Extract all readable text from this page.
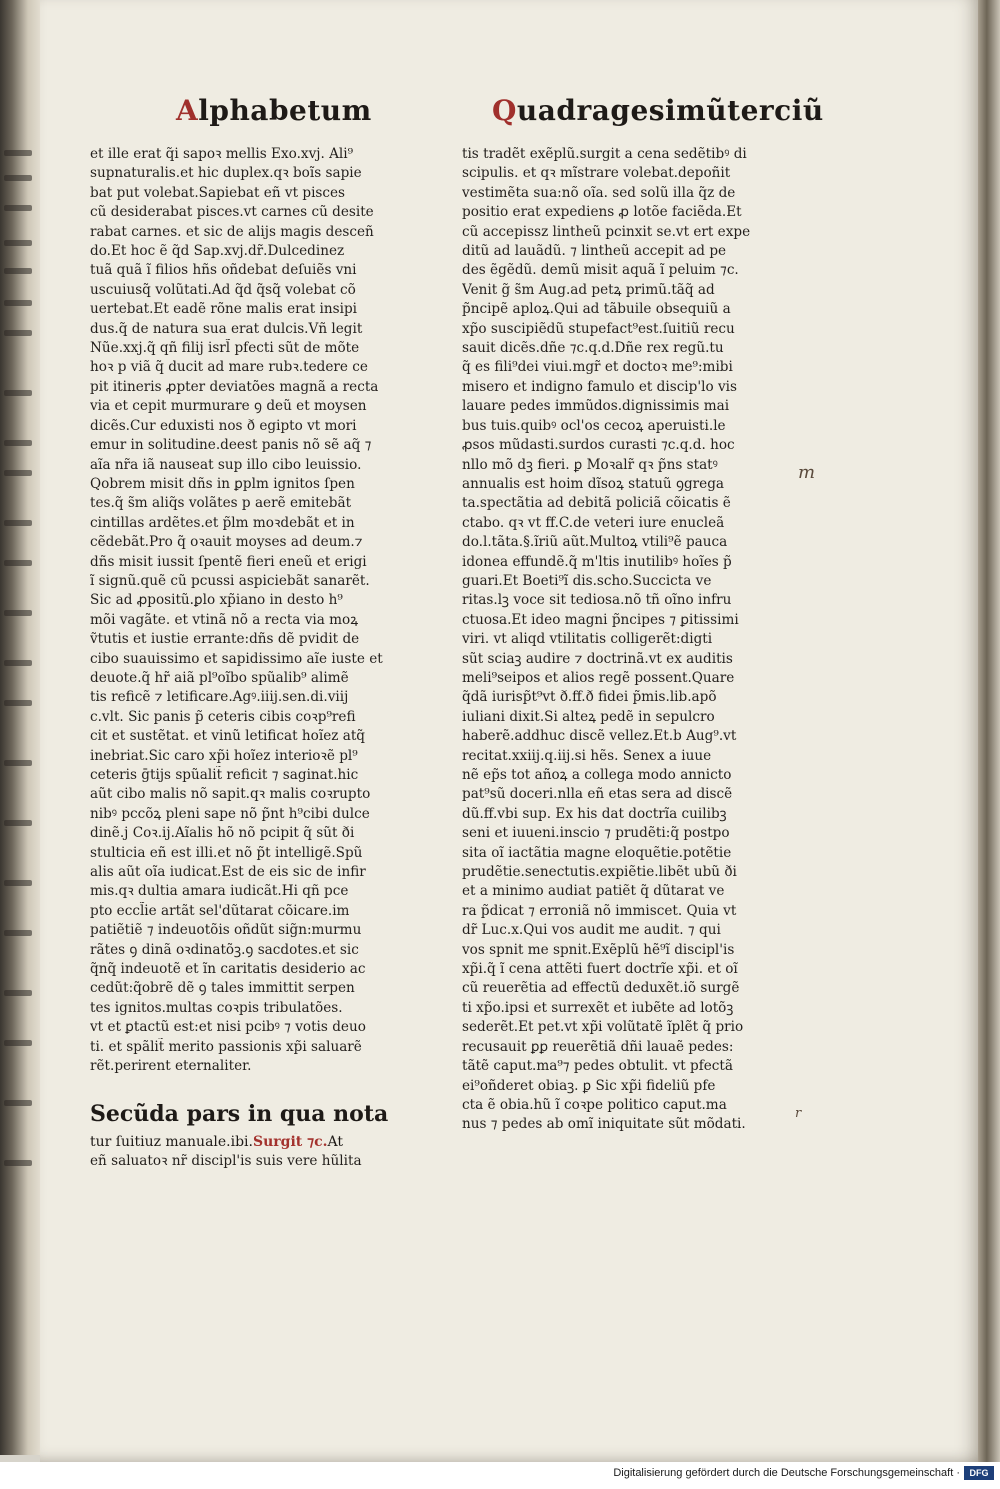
Alphabetum	Quadragesimũterciũ
et ille erat q̃i sapoꝛ mellis Exo.xvj. Ali⁹
supnaturalis.et hic duplex.qꝛ boĩs sapie
bat put volebat.Sapiebat eñ vt pisces
cũ desiderabat pisces.vt carnes cũ desite
rabat carnes. et sic de alijs magis desceñ
do.Et hoc ẽ q̃d Sap.xvj.dr̃.Dulcedinez
tuã quã ĩ filios hñs oñdebat deſuiẽs vni
uscuiusq̃ volũtati.Ad q̃d q̃sq̃ volebat cõ
uertebat.Et eadẽ rõne malis erat insipi
dus.q̃ de natura sua erat dulcis.Vñ legit
Nũe.xxj.q̃ qñ filij isrl̃ pfecti sũt de mõte
hoꝛ p viã q̃ ducit ad mare rubꝛ.tedere ce
pit itineris ꝓpter deviatões magnã a recta
via et cepit murmurare ꝯ deũ et moysen
dicẽs.Cur eduxisti nos ð egipto vt mori
emur in solitudine.deest panis nõ sẽ aq̃ ⁊
aĩa nr̃a iã nauseat sup illo cibo leuissio.
Qobrem misit dñs in ꝑplm ignitos ſpen
tes.q̃ s̃m aliq̃s volãtes p aerẽ emitebãt
cintillas ardẽtes.et p̃lm moꝛdebãt et in
cẽdebãt.Pro q̃ oꝛauit moyses ad deum.⁊
dñs misit iussit ſpentẽ fieri eneũ et erigi
ĩ signũ.quẽ cũ pcussi aspiciebãt sanarẽt.
Sic ad ꝓpositũ.ꝑlo xp̃iano in desto h⁹
mõi vagãte. et vtinã nõ a recta via moꝝ
ṽtutis et iustie errante:dñs dẽ pvidit de
cibo suauissimo et sapidissimo aĩe iuste et
deuote.q̃ hr̃ aiã pl⁹oĩbo spũalib⁹ alimẽ
tis reficẽ ⁊ letificare.Agꝰ.iiij.sen.di.viij
c.vlt. Sic panis p̃ ceteris cibis coꝛp⁹refi
cit et sustẽtat. et vinũ letificat hoĩez atq̃
inebriat.Sic caro xp̃i hoĩez interioꝛẽ pl⁹
ceteris ḡtijs spũalit̃ reficit ⁊ saginat.hic
aũt cibo malis nõ sapit.qꝛ malis coꝛrupto
nibꝰ pccõꝝ pleni sape nõ p̃nt h⁹cibi dulce
dinẽ.j Coꝛ.ij.Aĩalis hõ nõ pcipit q̃ sũt ði
stulticia eñ est illi.et nõ p̃t intelligẽ.Spũ
alis aũt oĩa iudicat.Est de eis sic de infir
mis.qꝛ dultia amara iudicãt.Hi qñ pce
pto eccl̃ie artãt sel'dũtarat cõicare.im
patiẽtiẽ ⁊ indeuotõis oñdũt sig̃n:murmu
rãtes ꝯ dinã oꝛdinatõꝫ.ꝯ sacdotes.et sic
q̃nq̃ indeuotẽ et ĩn caritatis desiderio ac
cedũt:q̃obrẽ dẽ ꝯ tales immittit serpen
tes ignitos.multas coꝛpis tribulatões.
vt et ꝑtactũ est:et nisi pcibꝰ ⁊ votis deuo
ti. et spãlit̃ merito passionis xp̃i saluarẽ
rẽt.perirent eternaliter.
tis tradẽt exẽplũ.surgit a cena sedẽtibꝰ di
scipulis. et qꝛ mĩstrare volebat.depoñit
vestimẽta sua:nõ oĩa. sed solũ illa q̃z de
positio erat expediens ꝓ lotõe faciẽda.Et
cũ accepissz lintheũ pcinxit se.vt ert expe
ditũ ad lauãdũ. ⁊ lintheũ accepit ad pe
des ẽgẽdũ. demũ misit aquã ĩ peluim ⁊c.
Venit g̃ s̃m Aug.ad petꝝ primũ.tãq̃ ad
p̃ncipẽ aploꝝ.Qui ad tãbuile obsequiũ a
xp̃o suscipiẽdũ stupefact⁹est.ſuitiũ recu
sauit dicẽs.dñe ⁊c.q.d.Dñe rex regũ.tu
q̃ es fili⁹dei viui.mgr̃ et doctoꝛ me⁹:mibi
misero et indigno famulo et discip'lo vis
lauare pedes immũdos.dignissimis mai
bus tuis.quibꝰ ocl'os cecoꝝ aperuisti.le
ꝓsos mũdasti.surdos curasti ⁊c.q.d. hoc
nllo mõ dꝫ fieri. ꝑ Moꝛalr̃ qꝛ p̃ns statꝰ
annualis est hoim dĩsoꝝ statuũ ꝯgrega
ta.spectãtia ad debitã policiã cõicatis ẽ
ctabo. qꝛ vt ff.C.de veteri iure enucleã
do.l.tãta.§.ĩriũ aũt.Multoꝝ vtili⁹ẽ pauca
idonea effundẽ.q̃ m'ltis inutilibꝰ hoĩes p̃
guari.Et Boeti⁹ĩ dis.scho.Succicta ve
ritas.lꝫ voce sit tediosa.nõ tñ oĩno infru
ctuosa.Et ideo magni p̃ncipes ⁊ ꝑitissimi
viri. vt aliqd vtilitatis colligerẽt:digti
sũt sciaꝫ audire ⁊ doctrinã.vt ex auditis
meli⁹seipos et alios regẽ possent.Quare
q̃dã iurisp̃t⁹vt ð.ff.ð fidei p̃mis.lib.apõ
iuliani dixit.Si alteꝝ pedẽ in sepulcro
haberẽ.addhuc discẽ vellez.Et.b Aug⁹.vt
recitat.xxiij.q.iij.si hẽs. Senex a iuue
nẽ ep̃s tot añoꝝ a collega modo annicto
pat⁹sũ doceri.nlla eñ etas sera ad discẽ
dũ.ff.vbi sup. Ex his dat doctrĩa cuilibꝫ
seni et iuueni.inscio ⁊ prudẽti:q̃ postpo
sita oĩ iactãtia magne eloquẽtie.potẽtie
prudẽtie.senectutis.expiẽtie.libẽt ubũ ði
et a minimo audiat patiẽt q̃ dũtarat ve
ra p̃dicat ⁊ erroniã nõ immiscet. Quia vt
dr̃ Luc.x.Qui vos audit me audit. ⁊ qui
vos spnit me spnit.Exẽplũ hẽ⁹ĩ discipl'is
xp̃i.q̃ ĩ cena attẽti fuert doctrĩe xp̃i. et oĩ
cũ reuerẽtia ad effectũ deduxẽt.iõ surgẽ
ti xp̃o.ipsi et surrexẽt et iubẽte ad lotõꝫ
sederẽt.Et pet.vt xp̃i volũtatẽ ĩplẽt q̃ prio
recusauit ꝑꝑ reuerẽtiã dñi lauaẽ pedes:
tãtẽ caput.ma⁹⁊ pedes obtulit. vt pfectã
ei⁹oñderet obiaꝫ. ꝑ Sic xp̃i fideliũ pfe
cta ẽ obia.hũ ĩ coꝛpe politico caput.ma
nus ⁊ pedes ab omĩ iniquitate sũt mõdati.
Secũda pars in qua nota
tur ſuitiuz manuale.ibi.Surgit ⁊c.At
eñ saluatoꝛ nr̃ discipl'is suis vere hũlita
m
r
Digitalisierung gefördert durch die Deutsche Forschungsgemeinschaft ·	DFG
